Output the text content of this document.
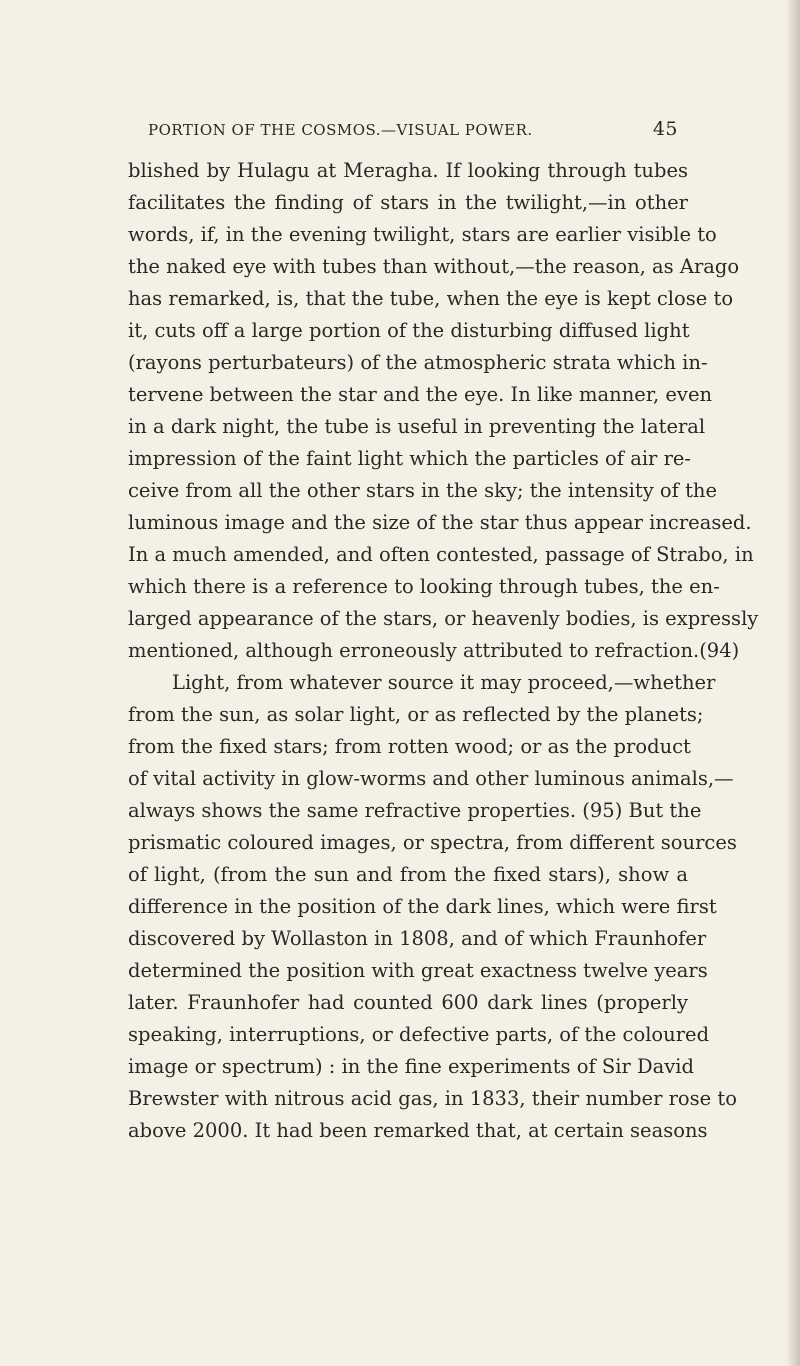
PORTION OF THE COSMOS.—VISUAL POWER.	45
blished by Hulagu at Meragha. If looking through tubes
facilitates the finding of stars in the twilight,—in other
words, if, in the evening twilight, stars are earlier visible to
the naked eye with tubes than without,—the reason, as Arago
has remarked, is, that the tube, when the eye is kept close to
it, cuts off a large portion of the disturbing diffused light
(rayons perturbateurs) of the atmospheric strata which in-
tervene between the star and the eye. In like manner, even
in a dark night, the tube is useful in preventing the lateral
impression of the faint light which the particles of air re-
ceive from all the other stars in the sky; the intensity of the
luminous image and the size of the star thus appear increased.
In a much amended, and often contested, passage of Strabo, in
which there is a reference to looking through tubes, the en-
larged appearance of the stars, or heavenly bodies, is expressly
mentioned, although erroneously attributed to refraction.(94)
Light, from whatever source it may proceed,—whether
from the sun, as solar light, or as reflected by the planets;
from the fixed stars; from rotten wood; or as the product
of vital activity in glow-worms and other luminous animals,—
always shows the same refractive properties. (95) But the
prismatic coloured images, or spectra, from different sources
of light, (from the sun and from the fixed stars), show a
difference in the position of the dark lines, which were first
discovered by Wollaston in 1808, and of which Fraunhofer
determined the position with great exactness twelve years
later. Fraunhofer had counted 600 dark lines (properly
speaking, interruptions, or defective parts, of the coloured
image or spectrum) : in the fine experiments of Sir David
Brewster with nitrous acid gas, in 1833, their number rose to
above 2000. It had been remarked that, at certain seasons
